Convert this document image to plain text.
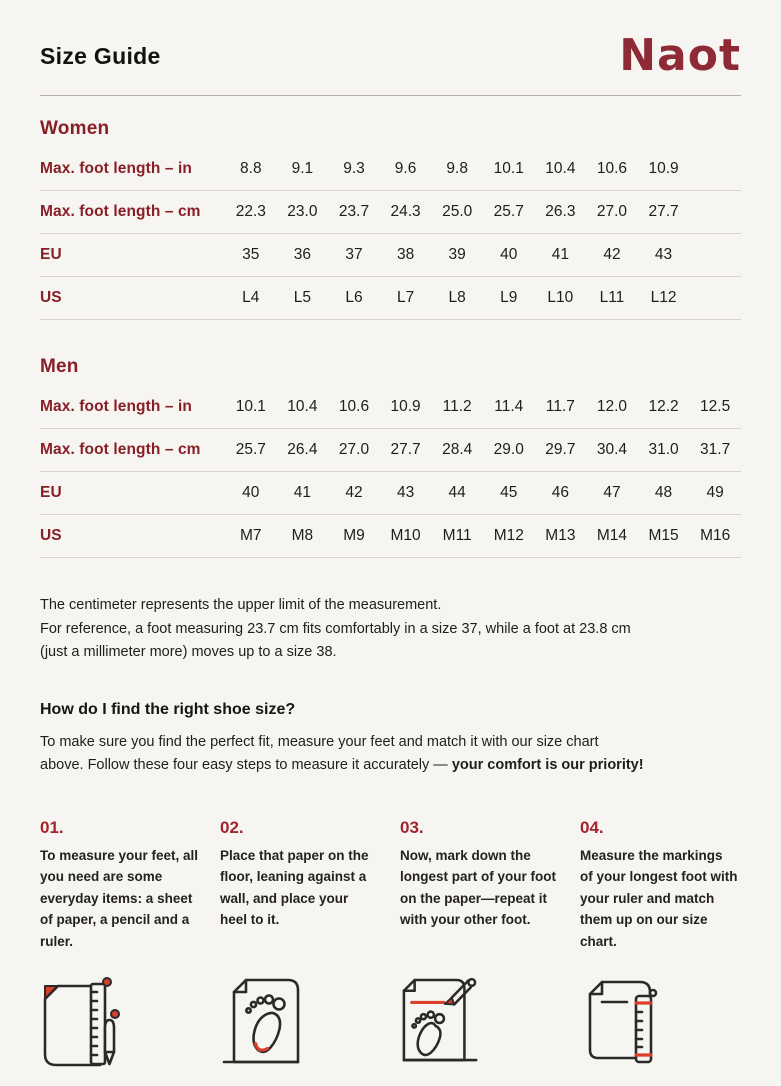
Size Guide	Naot
Women
Max. foot length – in	8.8	9.1	9.3	9.6	9.8	10.1	10.4	10.6	10.9
Max. foot length – cm	22.3	23.0	23.7	24.3	25.0	25.7	26.3	27.0	27.7
EU	35	36	37	38	39	40	41	42	43
US	L4	L5	L6	L7	L8	L9	L10	L11	L12
Men
Max. foot length – in	10.1	10.4	10.6	10.9	11.2	11.4	11.7	12.0	12.2	12.5
Max. foot length – cm	25.7	26.4	27.0	27.7	28.4	29.0	29.7	30.4	31.0	31.7
EU	40	41	42	43	44	45	46	47	48	49
US	M7	M8	M9	M10	M11	M12	M13	M14	M15	M16
The centimeter represents the upper limit of the measurement.
For reference, a foot measuring 23.7 cm fits comfortably in a size 37, while a foot at 23.8 cm
(just a millimeter more) moves up to a size 38.
How do I find the right shoe size?
To make sure you find the perfect fit, measure your feet and match it with our size chart
above. Follow these four easy steps to measure it accurately — your comfort is our priority!
01.
To measure your feet, all you need are some everyday items: a sheet of paper, a pencil and a ruler.
02.
Place that paper on the floor, leaning against a wall, and place your heel to it.
03.
Now, mark down the longest part of your foot on the paper—repeat it with your other foot.
04.
Measure the markings of your longest foot with your ruler and match them up on our size chart.
